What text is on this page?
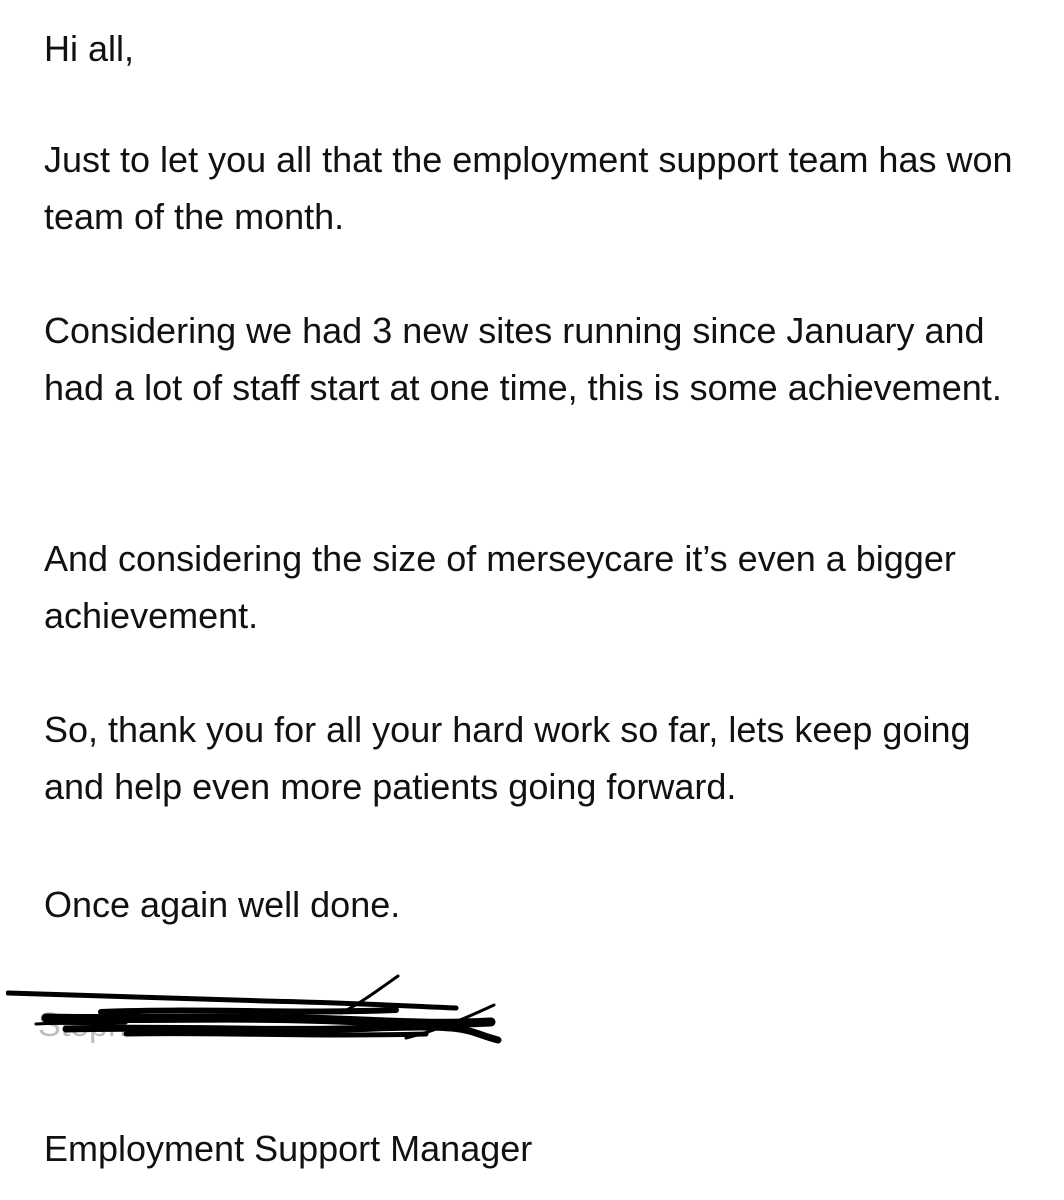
Hi all,

Just to let you all that the employment support team has won team of the month.

Considering we had 3 new sites running since January and had a lot of staff start at one time, this is some achievement.

And considering the size of merseycare it’s even a bigger achievement.

So, thank you for all your hard work so far, lets keep going and help even more patients going forward.

Once again well done.

Employment Support Manager

Steph
